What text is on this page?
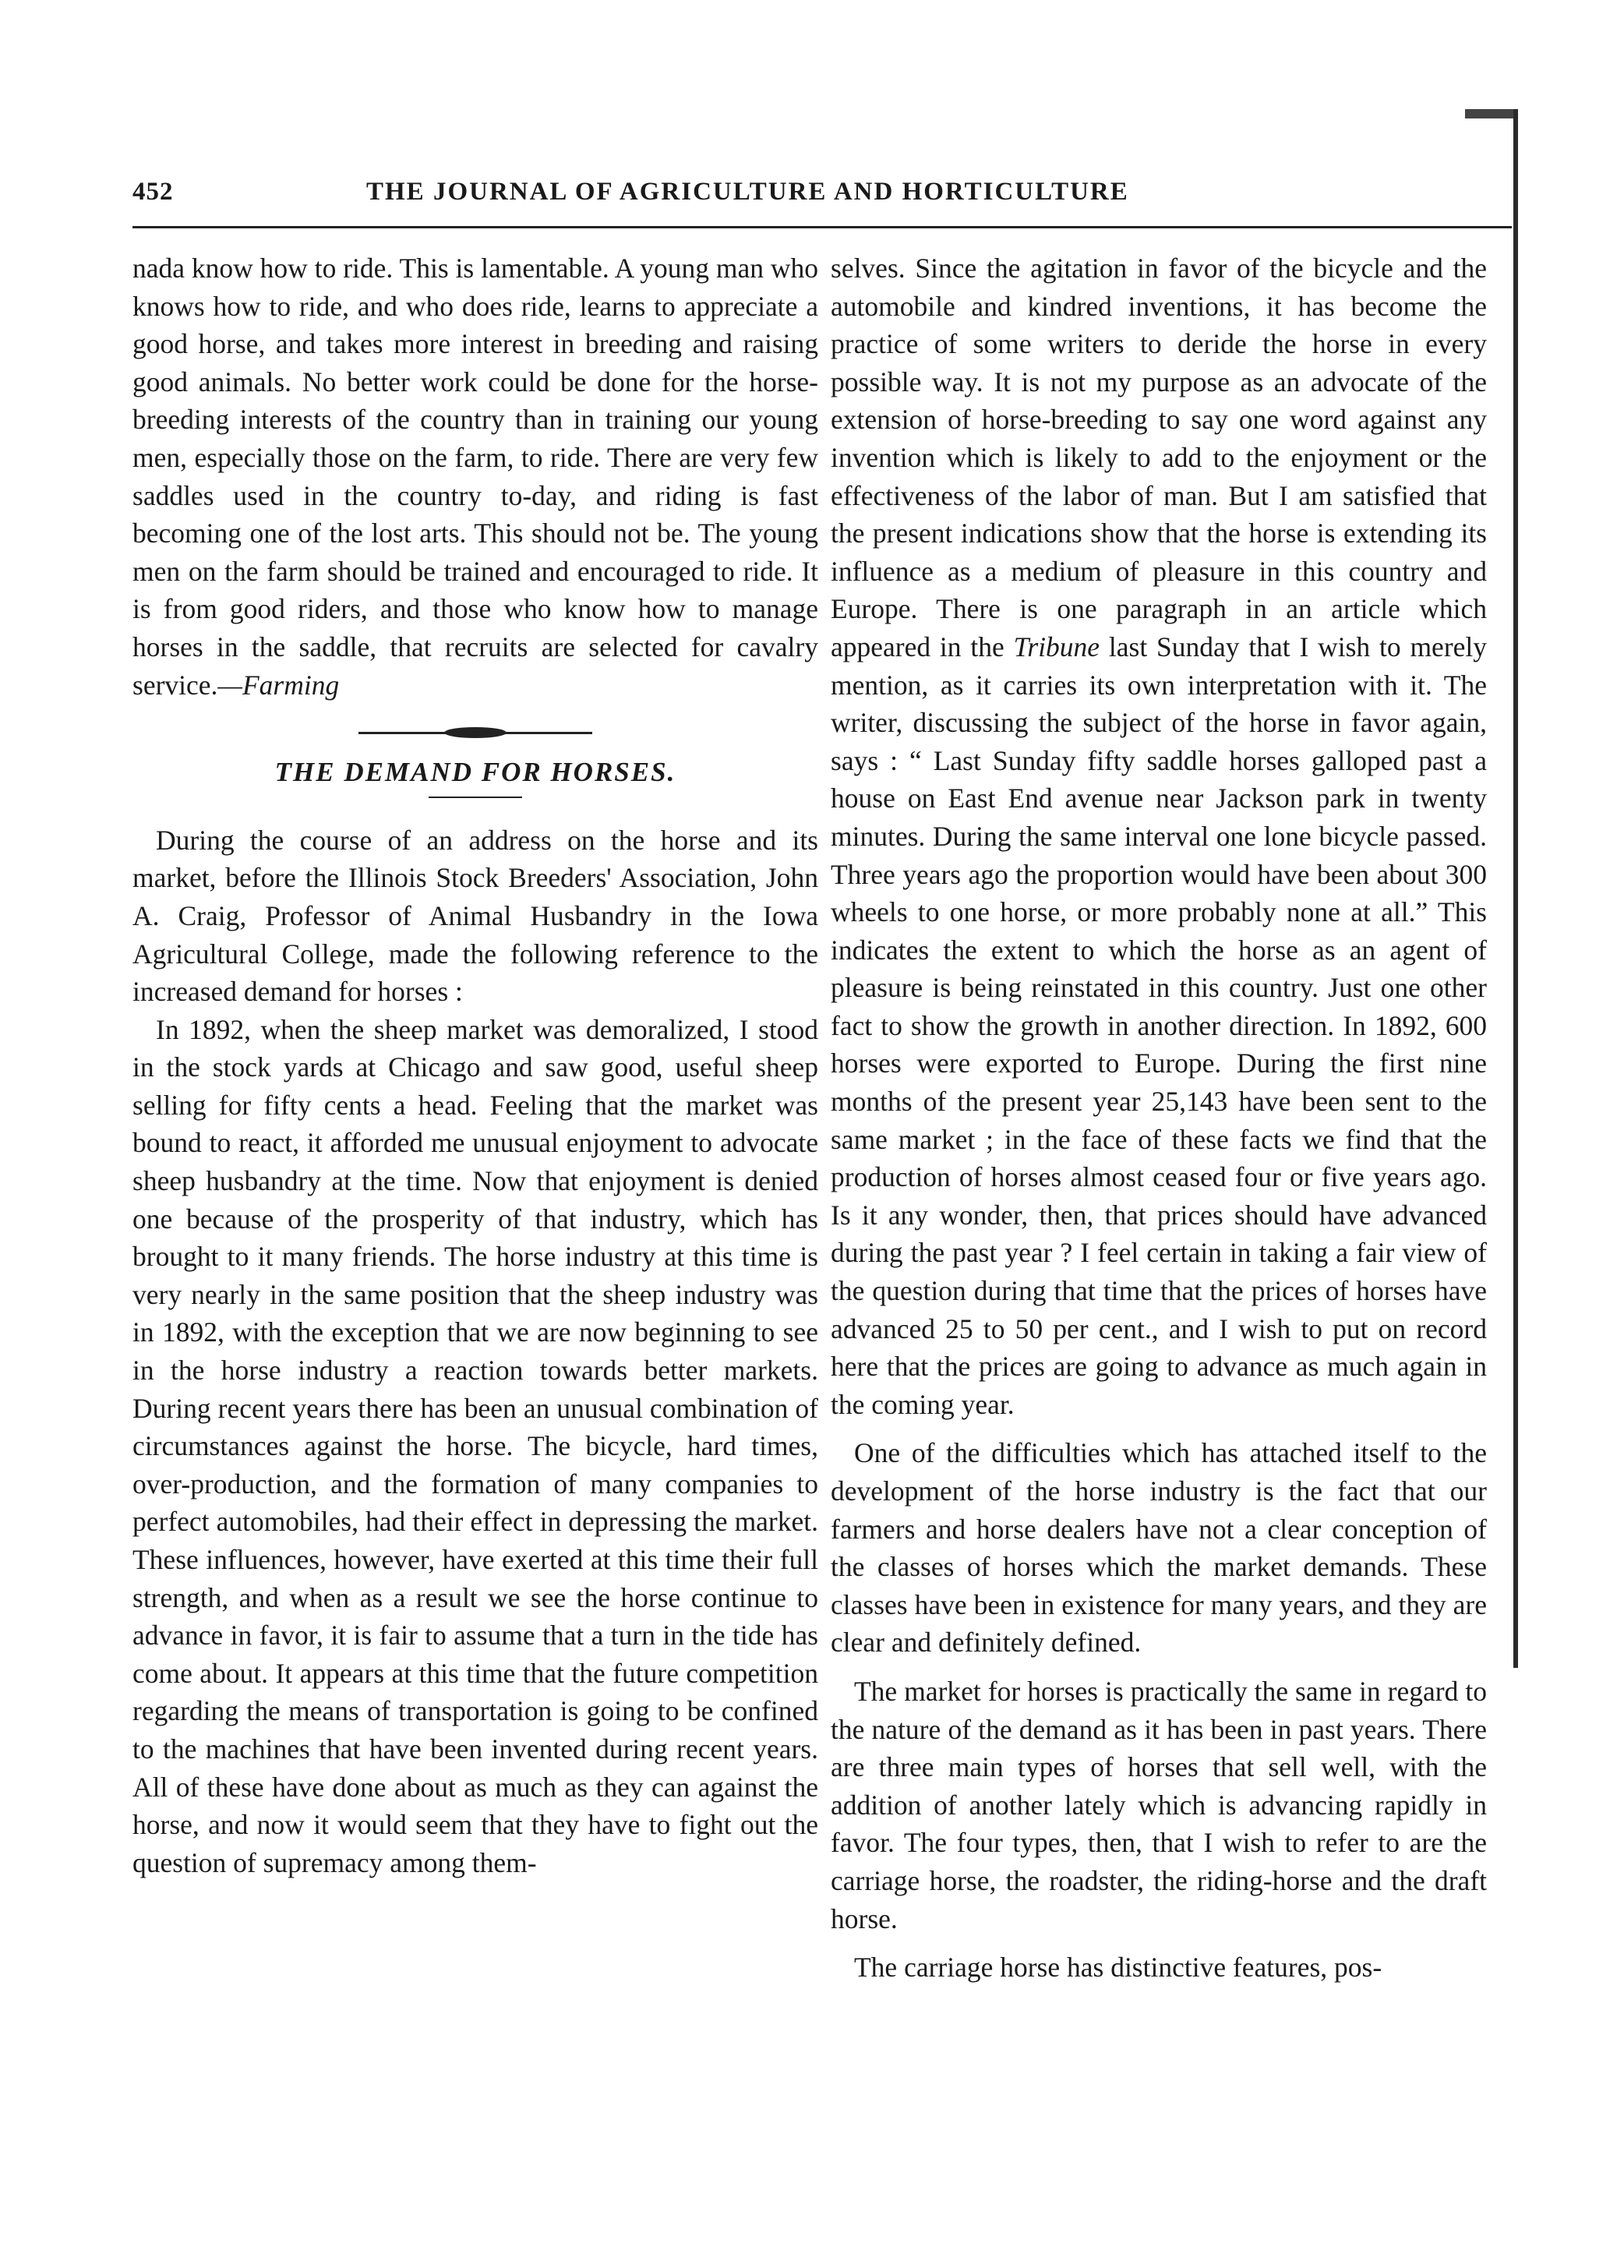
452	THE JOURNAL OF AGRICULTURE AND HORTICULTURE

nada know how to ride. This is lamentable. A young man who knows how to ride, and who does ride, learns to appreciate a good horse, and takes more interest in breeding and raising good animals. No better work could be done for the horse-breeding interests of the country than in training our young men, especially those on the farm, to ride. There are very few saddles used in the country to-day, and riding is fast becoming one of the lost arts. This should not be. The young men on the farm should be trained and encouraged to ride. It is from good riders, and those who know how to manage horses in the saddle, that recruits are selected for cavalry service.—Farming

THE DEMAND FOR HORSES.

During the course of an address on the horse and its market, before the Illinois Stock Breeders' Association, John A. Craig, Professor of Animal Husbandry in the Iowa Agricultural College, made the following reference to the increased demand for horses :

In 1892, when the sheep market was demoralized, I stood in the stock yards at Chicago and saw good, useful sheep selling for fifty cents a head. Feeling that the market was bound to react, it afforded me unusual enjoyment to advocate sheep husbandry at the time. Now that enjoyment is denied one because of the prosperity of that industry, which has brought to it many friends. The horse industry at this time is very nearly in the same position that the sheep industry was in 1892, with the exception that we are now beginning to see in the horse industry a reaction towards better markets. During recent years there has been an unusual combination of circumstances against the horse. The bicycle, hard times, over-production, and the formation of many companies to perfect automobiles, had their effect in depressing the market. These influences, however, have exerted at this time their full strength, and when as a result we see the horse continue to advance in favor, it is fair to assume that a turn in the tide has come about. It appears at this time that the future competition regarding the means of transportation is going to be confined to the machines that have been invented during recent years. All of these have done about as much as they can against the horse, and now it would seem that they have to fight out the question of supremacy among them-

selves. Since the agitation in favor of the bicycle and the automobile and kindred inventions, it has become the practice of some writers to deride the horse in every possible way. It is not my purpose as an advocate of the extension of horse-breeding to say one word against any invention which is likely to add to the enjoyment or the effectiveness of the labor of man. But I am satisfied that the present indications show that the horse is extending its influence as a medium of pleasure in this country and Europe. There is one paragraph in an article which appeared in the Tribune last Sunday that I wish to merely mention, as it carries its own interpretation with it. The writer, discussing the subject of the horse in favor again, says : “ Last Sunday fifty saddle horses galloped past a house on East End avenue near Jackson park in twenty minutes. During the same interval one lone bicycle passed. Three years ago the proportion would have been about 300 wheels to one horse, or more probably none at all.” This indicates the extent to which the horse as an agent of pleasure is being reinstated in this country. Just one other fact to show the growth in another direction. In 1892, 600 horses were exported to Europe. During the first nine months of the present year 25,143 have been sent to the same market ; in the face of these facts we find that the production of horses almost ceased four or five years ago. Is it any wonder, then, that prices should have advanced during the past year ? I feel certain in taking a fair view of the question during that time that the prices of horses have advanced 25 to 50 per cent., and I wish to put on record here that the prices are going to advance as much again in the coming year.

One of the difficulties which has attached itself to the development of the horse industry is the fact that our farmers and horse dealers have not a clear conception of the classes of horses which the market demands. These classes have been in existence for many years, and they are clear and definitely defined.

The market for horses is practically the same in regard to the nature of the demand as it has been in past years. There are three main types of horses that sell well, with the addition of another lately which is advancing rapidly in favor. The four types, then, that I wish to refer to are the carriage horse, the roadster, the riding-horse and the draft horse.

The carriage horse has distinctive features, pos-
